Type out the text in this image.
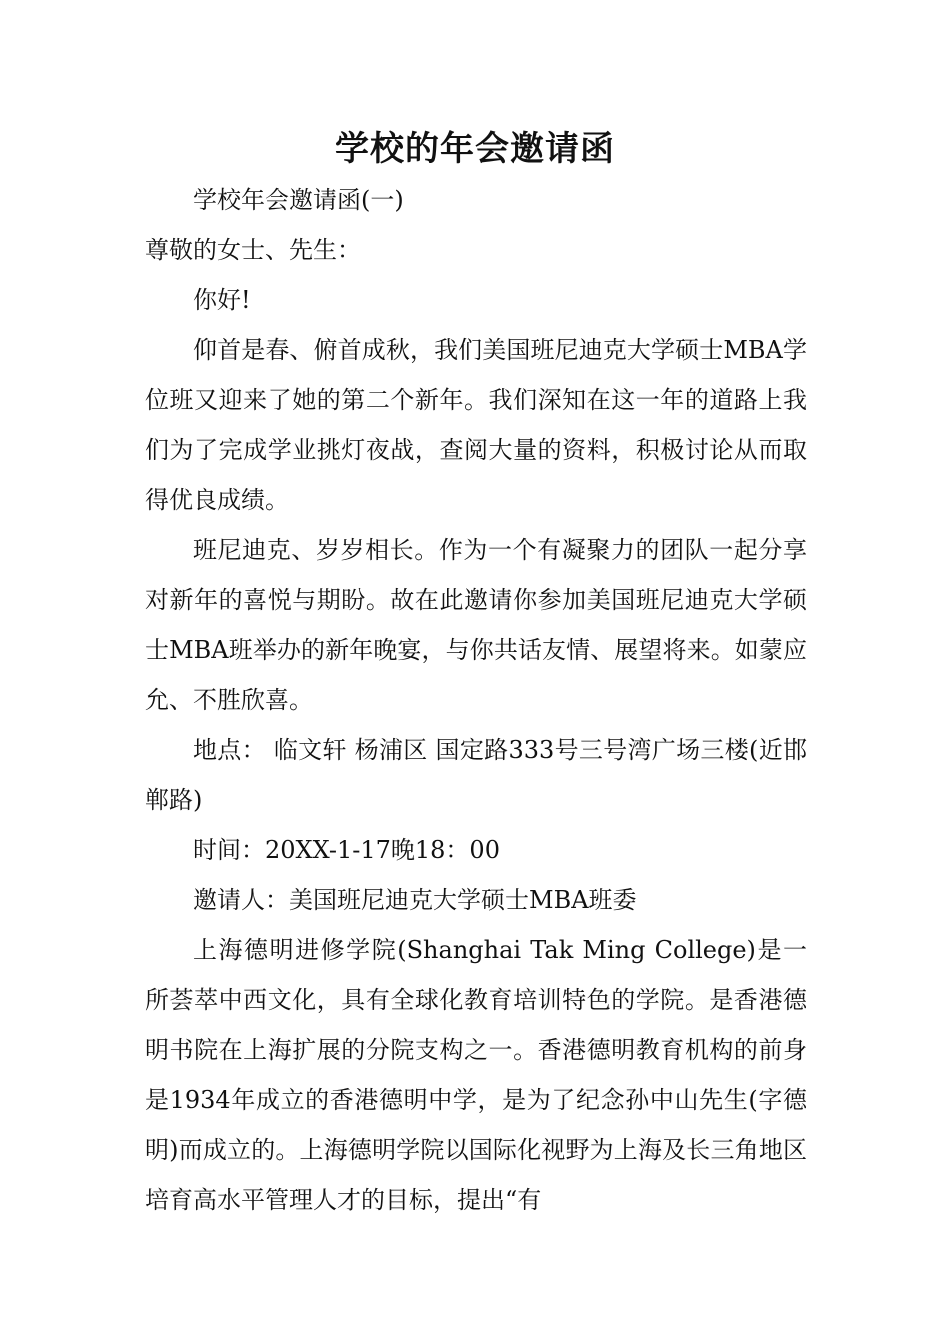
学校的年会邀请函

学校年会邀请函(一)

尊敬的女士、先生：

你好!

仰首是春、俯首成秋，我们美国班尼迪克大学硕士MBA学位班又迎来了她的第二个新年。我们深知在这一年的道路上我们为了完成学业挑灯夜战，查阅大量的资料，积极讨论从而取得优良成绩。

班尼迪克、岁岁相长。作为一个有凝聚力的团队一起分享对新年的喜悦与期盼。故在此邀请你参加美国班尼迪克大学硕士MBA班举办的新年晚宴，与你共话友情、展望将来。如蒙应允、不胜欣喜。

地点： 临文轩 杨浦区 国定路333号三号湾广场三楼(近邯郸路)

时间：20XX-1-17晚18：00

邀请人：美国班尼迪克大学硕士MBA班委

上海德明进修学院(Shanghai Tak Ming College)是一所荟萃中西文化，具有全球化教育培训特色的学院。是香港德明书院在上海扩展的分院支构之一。香港德明教育机构的前身是1934年成立的香港德明中学，是为了纪念孙中山先生(字德明)而成立的。上海德明学院以国际化视野为上海及长三角地区培育高水平管理人才的目标，提出“有
